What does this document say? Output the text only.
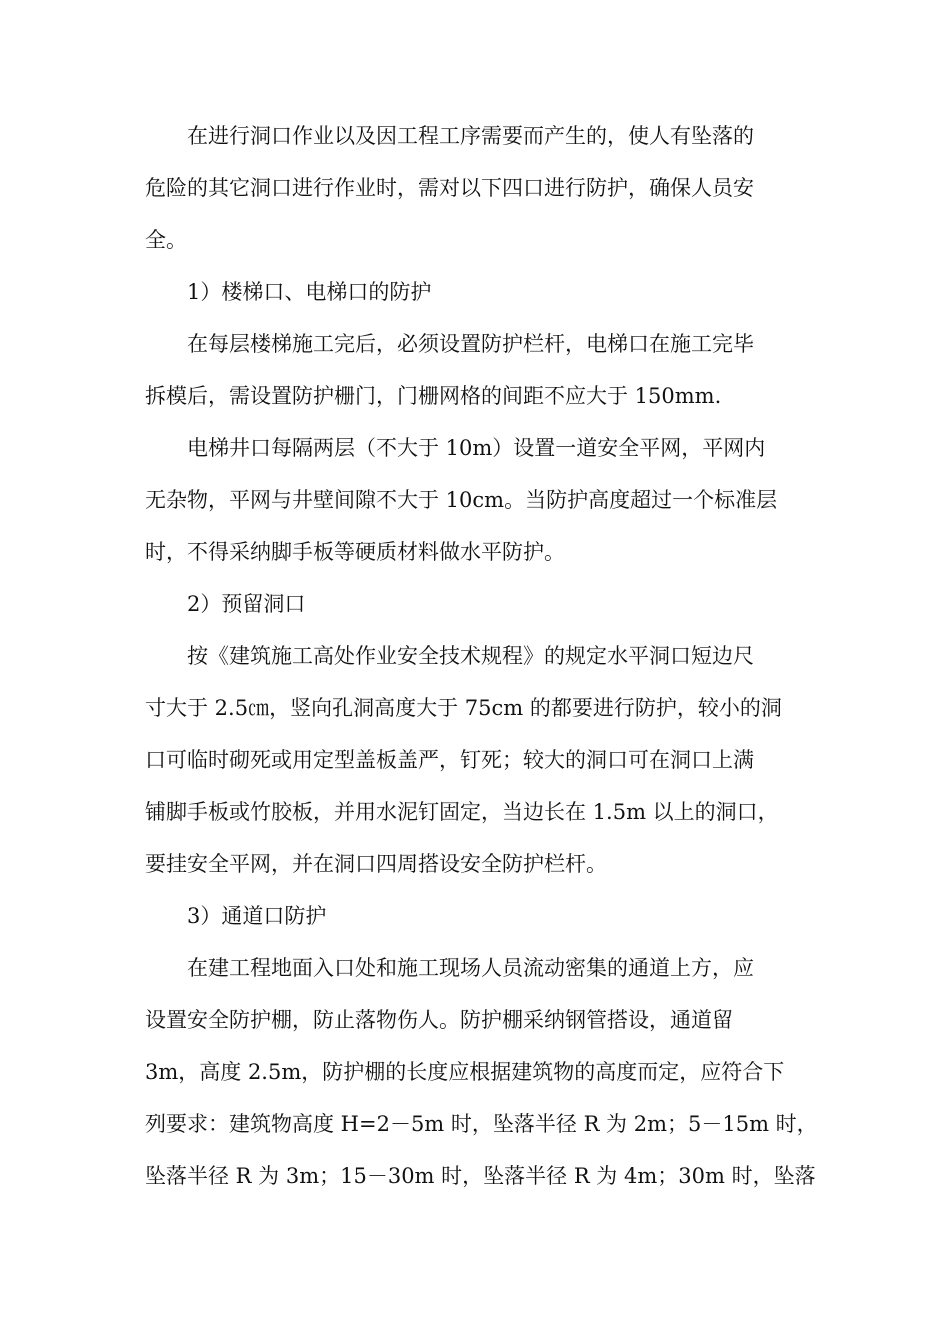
在进行洞口作业以及因工程工序需要而产生的，使人有坠落的
危险的其它洞口进行作业时，需对以下四口进行防护，确保人员安
全。
1）楼梯口、电梯口的防护
在每层楼梯施工完后，必须设置防护栏杆，电梯口在施工完毕
拆模后，需设置防护栅门，门栅网格的间距不应大于 150mm.
电梯井口每隔两层（不大于 10m）设置一道安全平网，平网内
无杂物，平网与井壁间隙不大于 10cm。当防护高度超过一个标准层
时，不得采纳脚手板等硬质材料做水平防护。
2）预留洞口
按《建筑施工高处作业安全技术规程》的规定水平洞口短边尺
寸大于 2.5㎝，竖向孔洞高度大于 75cm 的都要进行防护，较小的洞
口可临时砌死或用定型盖板盖严，钉死；较大的洞口可在洞口上满
铺脚手板或竹胶板，并用水泥钉固定，当边长在 1.5m 以上的洞口，
要挂安全平网，并在洞口四周搭设安全防护栏杆。
3）通道口防护
在建工程地面入口处和施工现场人员流动密集的通道上方，应
设置安全防护棚，防止落物伤人。防护棚采纳钢管搭设，通道留
3m，高度 2.5m，防护棚的长度应根据建筑物的高度而定，应符合下
列要求：建筑物高度 H=2－5m 时，坠落半径 R 为 2m；5－15m 时，
坠落半径 R 为 3m；15－30m 时，坠落半径 R 为 4m；30m 时，坠落
